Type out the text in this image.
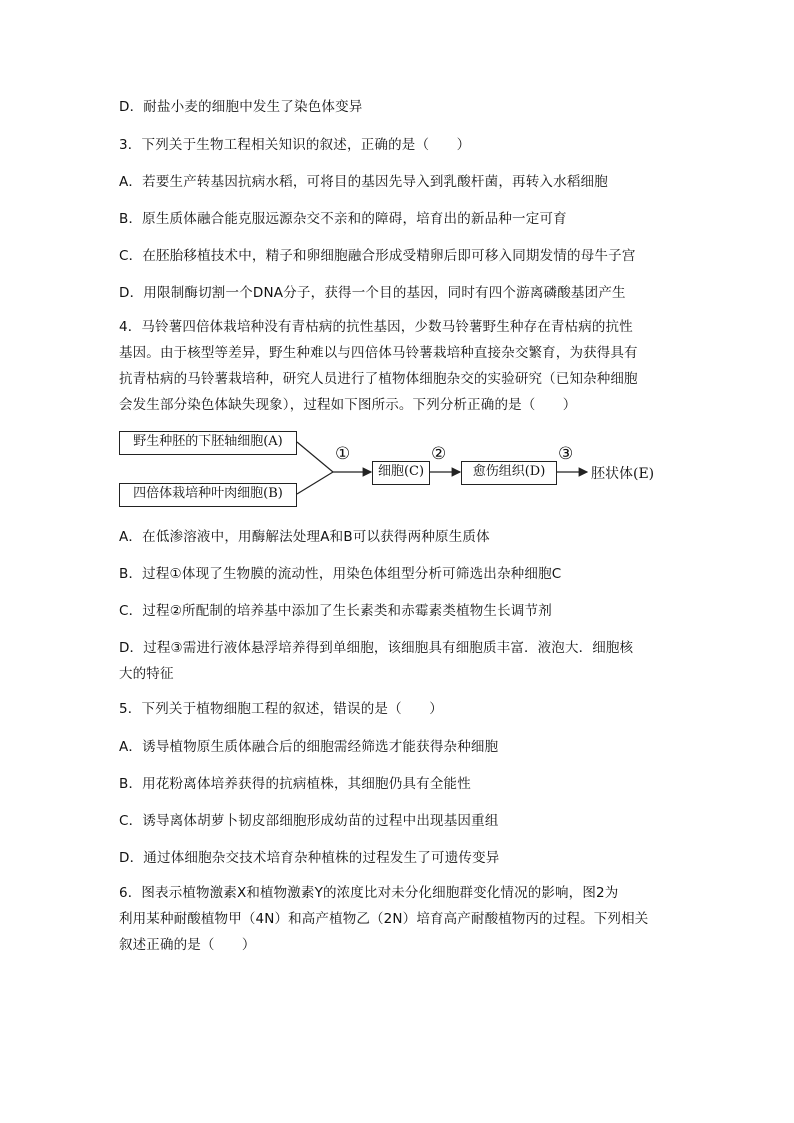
D．耐盐小麦的细胞中发生了染色体变异
3．下列关于生物工程相关知识的叙述，正确的是（　　）
A．若要生产转基因抗病水稻，可将目的基因先导入到乳酸杆菌，再转入水稻细胞
B．原生质体融合能克服远源杂交不亲和的障碍，培育出的新品种一定可育
C．在胚胎移植技术中，精子和卵细胞融合形成受精卵后即可移入同期发情的母牛子宫
D．用限制酶切割一个DNA分子，获得一个目的基因，同时有四个游离磷酸基团产生
4．马铃薯四倍体栽培种没有青枯病的抗性基因，少数马铃薯野生种存在青枯病的抗性
基因。由于核型等差异，野生种难以与四倍体马铃薯栽培种直接杂交繁育，为获得具有
抗青枯病的马铃薯栽培种，研究人员进行了植物体细胞杂交的实验研究（已知杂种细胞
会发生部分染色体缺失现象），过程如下图所示。下列分析正确的是（　　）
野生种胚的下胚轴细胞(A)
四倍体栽培种叶肉细胞(B)
①
细胞(C)
②
愈伤组织(D)
③
胚状体(E)
A．在低渗溶液中，用酶解法处理A和B可以获得两种原生质体
B．过程①体现了生物膜的流动性，用染色体组型分析可筛选出杂种细胞C
C．过程②所配制的培养基中添加了生长素类和赤霉素类植物生长调节剂
D．过程③需进行液体悬浮培养得到单细胞，该细胞具有细胞质丰富．液泡大．细胞核
大的特征
5．下列关于植物细胞工程的叙述，错误的是（　　）
A．诱导植物原生质体融合后的细胞需经筛选才能获得杂种细胞
B．用花粉离体培养获得的抗病植株，其细胞仍具有全能性
C．诱导离体胡萝卜韧皮部细胞形成幼苗的过程中出现基因重组
D．通过体细胞杂交技术培育杂种植株的过程发生了可遗传变异
6．图表示植物激素X和植物激素Y的浓度比对未分化细胞群变化情况的影响，图2为
利用某种耐酸植物甲（4N）和高产植物乙（2N）培育高产耐酸植物丙的过程。下列相关
叙述正确的是（　　）
